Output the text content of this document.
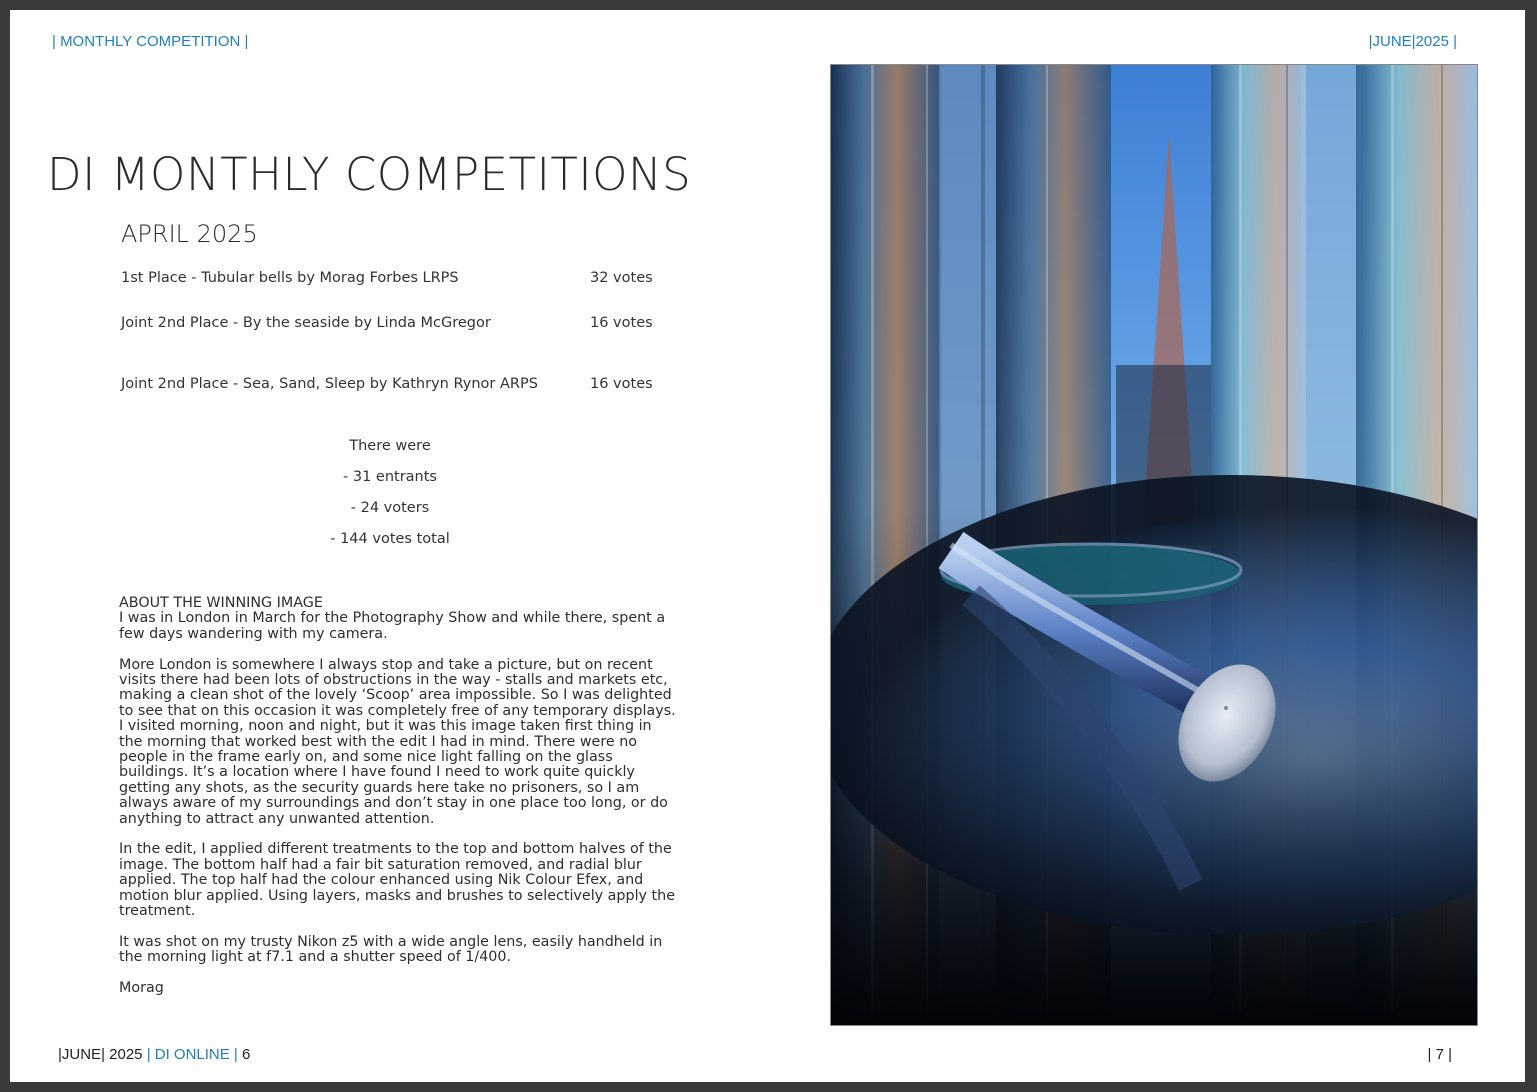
| MONTHLY COMPETITION |	|JUNE|2025 |
DI MONTHLY COMPETITIONS
APRIL 2025
1st Place - Tubular bells by Morag Forbes LRPS	32 votes
Joint 2nd Place - By the seaside by Linda McGregor	16 votes
Joint 2nd Place - Sea, Sand, Sleep by Kathryn Rynor ARPS	16 votes
There were
- 31 entrants
- 24 voters
- 144 votes total
ABOUT THE WINNING IMAGE

I was in London in March for the Photography Show and while there, spent a few days wandering with my camera.

More London is somewhere I always stop and take a picture, but on recent visits there had been lots of obstructions in the way - stalls and markets etc, making a clean shot of the lovely ‘Scoop’ area impossible. So I was delighted to see that on this occasion it was completely free of any temporary displays. I visited morning, noon and night, but it was this image taken first thing in the morning that worked best with the edit I had in mind. There were no people in the frame early on, and some nice light falling on the glass buildings. It’s a location where I have found I need to work quite quickly getting any shots, as the security guards here take no prisoners, so I am always aware of my surroundings and don’t stay in one place too long, or do anything to attract any unwanted attention.

In the edit, I applied different treatments to the top and bottom halves of the image. The bottom half had a fair bit saturation removed, and radial blur applied. The top half had the colour enhanced using Nik Colour Efex, and motion blur applied. Using layers, masks and brushes to selectively apply the treatment.

It was shot on my trusty Nikon z5 with a wide angle lens, easily handheld in the morning light at f7.1 and a shutter speed of 1/400.

Morag

|JUNE| 2025 | DI ONLINE | 6	| 7 |
